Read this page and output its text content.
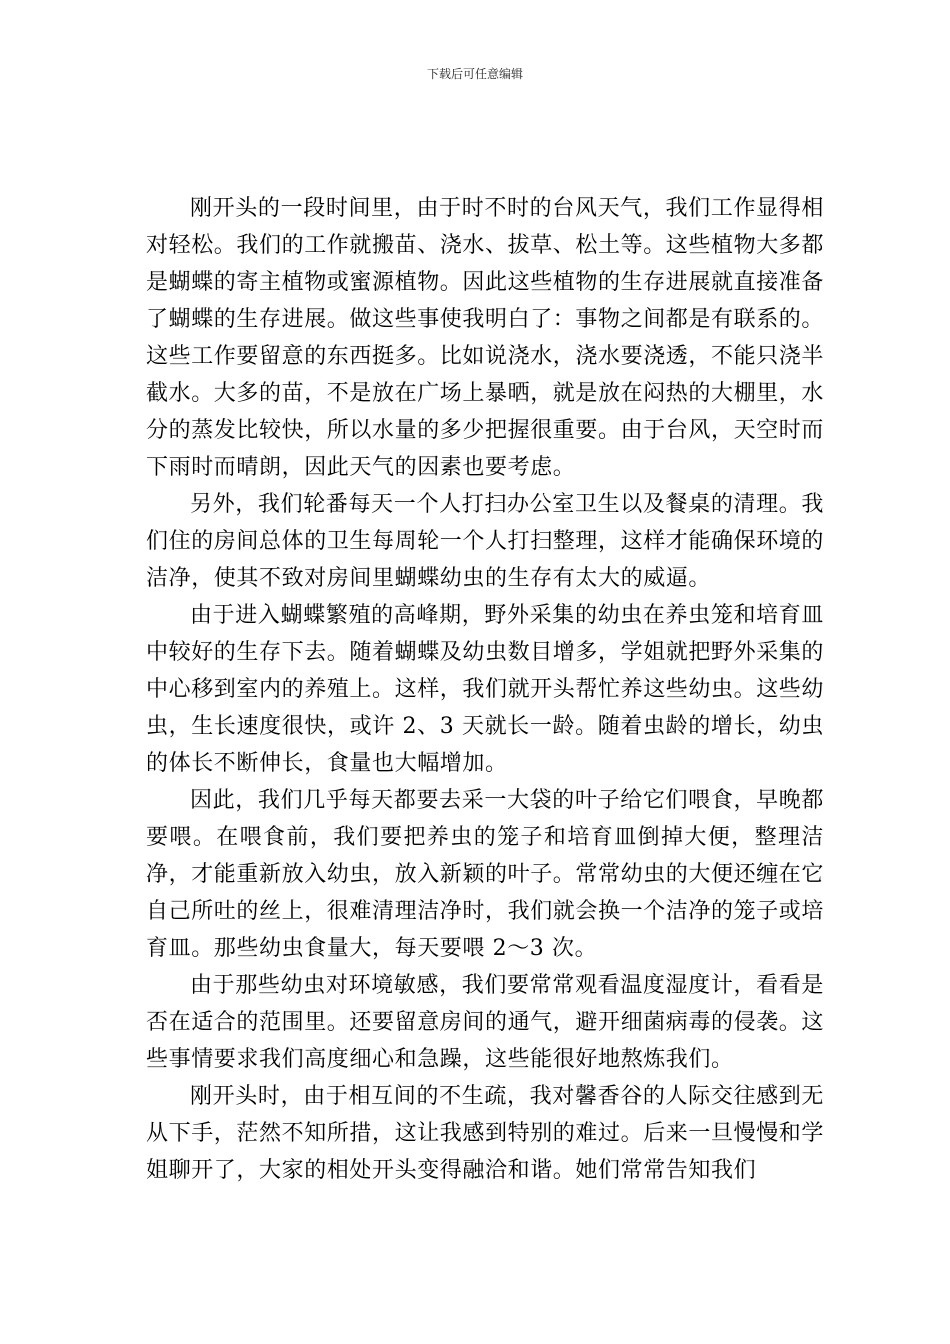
下载后可任意编辑

刚开头的一段时间里，由于时不时的台风天气，我们工作显得相对轻松。我们的工作就搬苗、浇水、拔草、松土等。这些植物大多都是蝴蝶的寄主植物或蜜源植物。因此这些植物的生存进展就直接准备了蝴蝶的生存进展。做这些事使我明白了：事物之间都是有联系的。这些工作要留意的东西挺多。比如说浇水，浇水要浇透，不能只浇半截水。大多的苗，不是放在广场上暴晒，就是放在闷热的大棚里，水分的蒸发比较快，所以水量的多少把握很重要。由于台风，天空时而下雨时而晴朗，因此天气的因素也要考虑。

另外，我们轮番每天一个人打扫办公室卫生以及餐桌的清理。我们住的房间总体的卫生每周轮一个人打扫整理，这样才能确保环境的洁净，使其不致对房间里蝴蝶幼虫的生存有太大的威逼。

由于进入蝴蝶繁殖的高峰期，野外采集的幼虫在养虫笼和培育皿中较好的生存下去。随着蝴蝶及幼虫数目增多，学姐就把野外采集的中心移到室内的养殖上。这样，我们就开头帮忙养这些幼虫。这些幼虫，生长速度很快，或许 2、3 天就长一龄。随着虫龄的增长，幼虫的体长不断伸长，食量也大幅增加。

因此，我们几乎每天都要去采一大袋的叶子给它们喂食，早晚都要喂。在喂食前，我们要把养虫的笼子和培育皿倒掉大便，整理洁净，才能重新放入幼虫，放入新颖的叶子。常常幼虫的大便还缠在它自己所吐的丝上，很难清理洁净时，我们就会换一个洁净的笼子或培育皿。那些幼虫食量大，每天要喂 2～3 次。

由于那些幼虫对环境敏感，我们要常常观看温度湿度计，看看是否在适合的范围里。还要留意房间的通气，避开细菌病毒的侵袭。这些事情要求我们高度细心和急躁，这些能很好地熬炼我们。

刚开头时，由于相互间的不生疏，我对馨香谷的人际交往感到无从下手，茫然不知所措，这让我感到特别的难过。后来一旦慢慢和学姐聊开了，大家的相处开头变得融洽和谐。她们常常告知我们
